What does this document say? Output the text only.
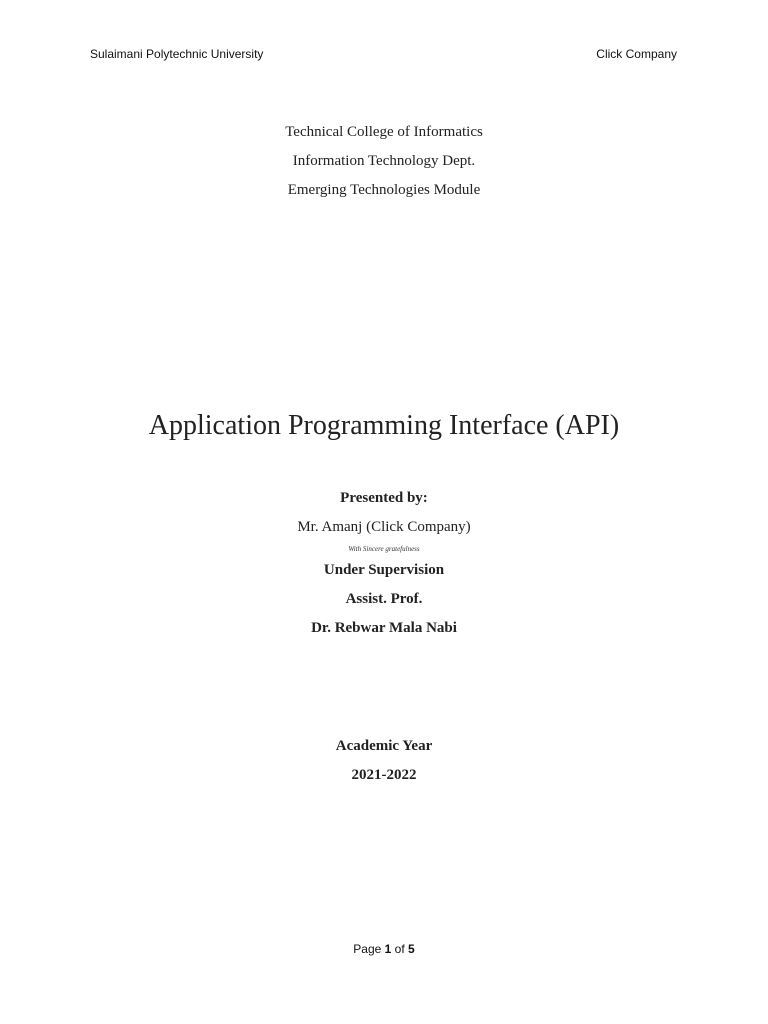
Sulaimani Polytechnic University	Click Company
Technical College of Informatics
Information Technology Dept.
Emerging Technologies Module
Application Programming Interface (API)
Presented by:
Mr. Amanj (Click Company)
With Sincere gratefulness
Under Supervision
Assist. Prof.
Dr. Rebwar Mala Nabi
Academic Year
2021-2022
Page 1 of 5
